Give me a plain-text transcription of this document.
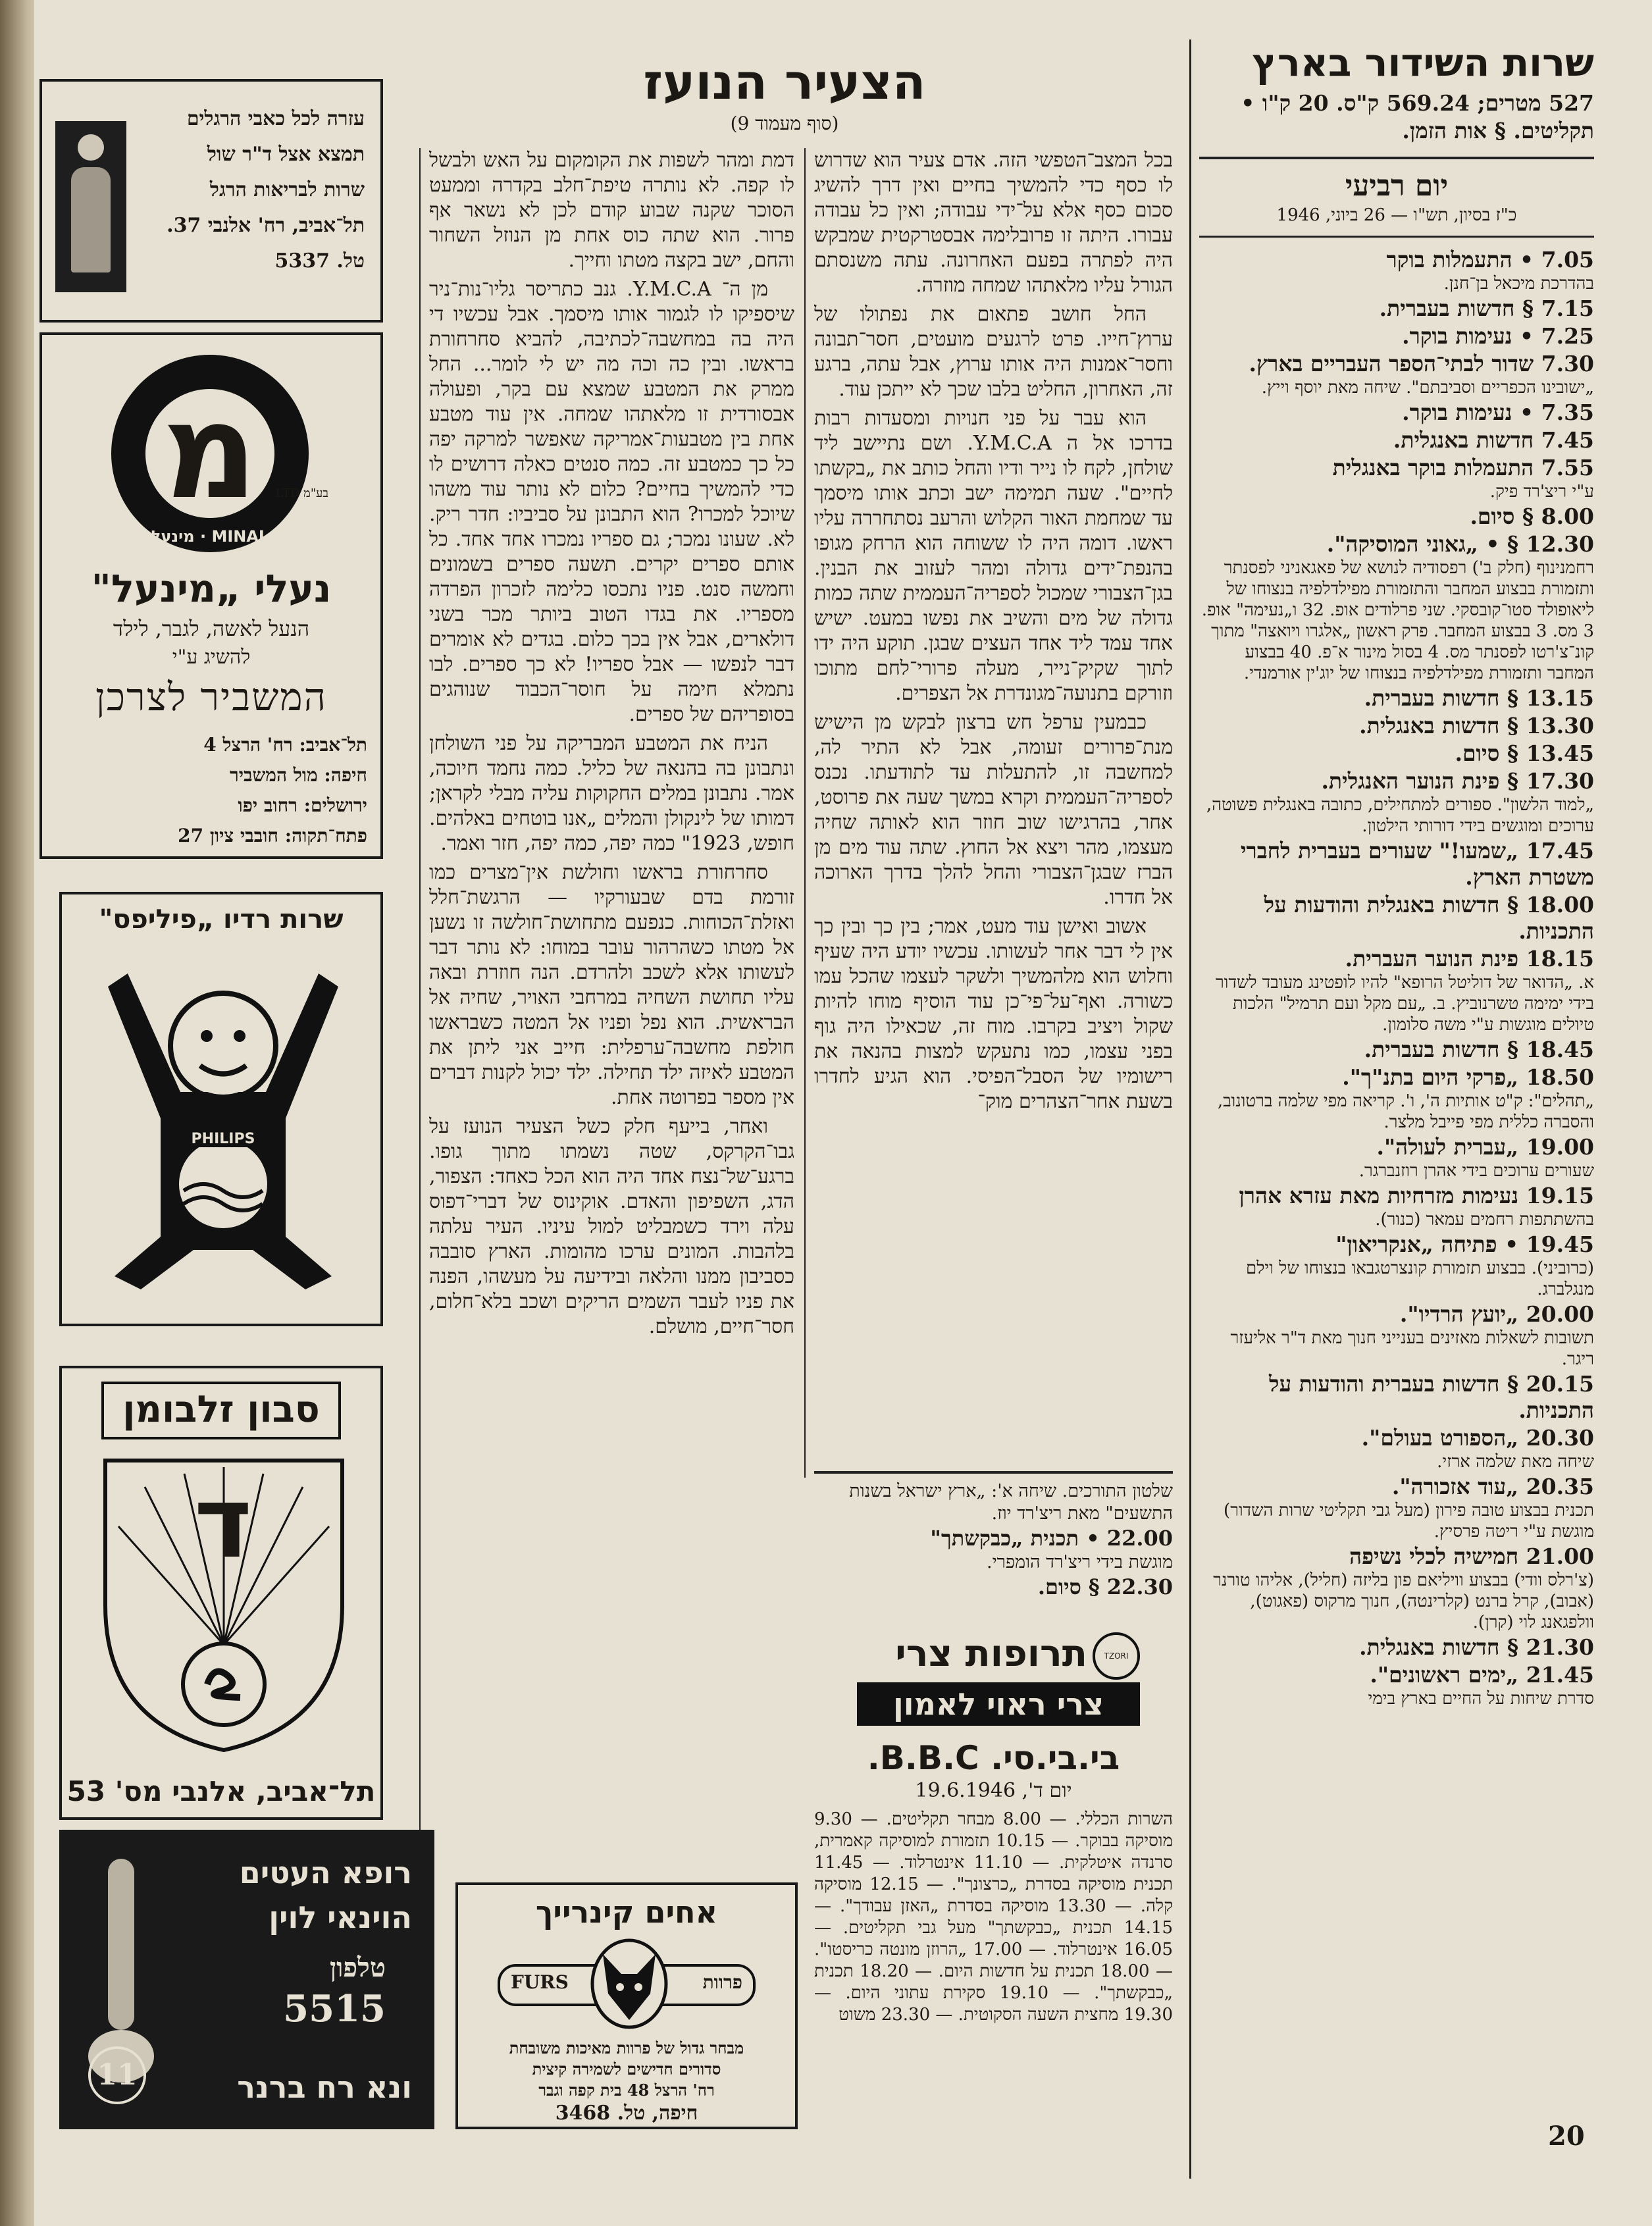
שרות השידור בארץ
527 מטרים; 569.24 ק"ס. 20 ק"ו • תקליטים. § אות הזמן.
יום רביעי
כ"ז בסיון, תש"ו — 26 ביוני, 1946
7.05 • התעמלות בוקר
בהדרכת מיכאל בן־חנן.
7.15 § חדשות בעברית.
7.25 • נעימות בוקר.
7.30 שדור לבתי־הספר העבריים בארץ.
„ישובינו הכפריים וסביבתם". שיחה מאת יוסף וייץ.
7.35 • נעימות בוקר.
7.45 חדשות באנגלית.
7.55 התעמלות בוקר באנגלית
ע"י ריצ'רד פיק.
8.00 § סיום.
12.30 § • „גאוני המוסיקה".
רחמנינוף (חלק ב') רפסודיה לנושא של פאגאניני לפסנתר ותזמורת בבצוע המחבר והתזמורת מפילדלפיה בנצוחו של ליאופולד סטו־קובסקי. שני פרלודים אופ. 32 ו„נעימה" אופ. 3 מס. 3 בבצוע המחבר. פרק ראשון „אלגרו ויואצה" מתוך קונ־צ'רטו לפסנתר מס. 4 בסול מינור א־פ. 40 בבצוע המחבר ותזמורת מפילדלפיה בנצוחו של יוג'ין אורמנדי.
13.15 § חדשות בעברית.
13.30 § חדשות באנגלית.
13.45 § סיום.
17.30 § פינת הנוער האנגלית.
„למוד הלשון". ספורים למתחילים, כתובה באנגלית פשוטה, ערוכים ומוגשים בידי דורותי הילטון.
17.45 „שמעו!" שעורים בעברית לחברי משטרת הארץ.
18.00 § חדשות באנגלית והודעות על התכניות.
18.15 פינת הנוער העברית.
א. „הדואר של דוליטל הרופא" להיו לופטינג מעובד לשדור בידי ימימה טשרנוביץ. ב. „עם מקל ועם תרמיל" הלכות טיולים מוגשות ע"י משה סלומון.
18.45 § חדשות בעברית.
18.50 „פרקי היום בתנ"ך".
„תהלים": ק"ט אותיות ה', ו'. קריאה מפי שלמה ברטונוב, והסברה כללית מפי פייבל מלצר.
19.00 „עברית לעולה".
שעורים ערוכים בידי אהרן רוזנברגר.
19.15 נעימות מזרחיות מאת עזרא אהרן
בהשתתפות רחמים עמאר (כנור).
19.45 • פתיחה „אנקריאון"
(כרוביני). בבצוע תזמורת קונצרטגבאו בנצוחו של וילם מנגלברג.
20.00 „יועץ הרדיו".
תשובות לשאלות מאזינים בענייני חנוך מאת ד"ר אליעזר ריגר.
20.15 § חדשות בעברית והודעות על התכניות.
20.30 „הספורט בעולם".
שיחה מאת שלמה ארזי.
20.35 „עוד אזכורה".
תכנית בבצוע טובה פירון (מעל גבי תקליטי שרות השדור) מוגשת ע"י ריטה פרסיץ.
21.00 חמישיה לכלי נשיפה
(צ'רלס וודי) בבצוע וויליאם פון בליזה (חליל), אליהו טורנר (אבוב), קרל ברנט (קלרינטה), חנוך מרקוס (פאגוט), וולפגאנג לוי (קרן).
21.30 § חדשות באנגלית.
21.45 „ימים ראשונים".
סדרת שיחות על החיים בארץ בימי
הצעיר הנועז
(סוף מעמוד 9)

בכל המצב־הטפשי הזה. אדם צעיר הוא שדרוש לו כסף כדי להמשיך בחיים ואין דרך להשיג סכום כסף אלא על־ידי עבודה; ואין כל עבודה עבורו. היתה זו פרובלימה אבסטרקטית שמבקש היה לפתרה בפעם האחרונה. עתה משנסתם הגורל עליו מלאתהו שמחה מוזרה.

החל חושב פתאום את נפתולו של ערוץ־חייו. פרט לרגעים מועטים, חסר־תבונה וחסר־אמנות היה אותו ערוץ, אבל עתה, ברגע זה, האחרון, החליט בלבו שכך לא ייתכן עוד.

הוא עבר על פני חנויות ומסעדות רבות בדרכו אל ה Y.M.C.A. ושם נתיישב ליד שולחן, לקח לו נייר ודיו והחל כותב את „בקשתו לחיים". שעה תמימה ישב וכתב אותו מיסמך עד שמחמת האור הקלוש והרעב נסתחררה עליו ראשו. דומה היה לו ששוחה הוא הרחק מגופו בהנפת־ידים גדולה ומהר לעזוב את הבנין. בגן־הצבורי שמכול לספריה־העממית שתה כמות גדולה של מים והשיב את נפשו במעט. ישיש אחד עמד ליד אחד העצים שבגן. תוקע היה ידו לתוך שקיק־נייר, מעלה פרורי־לחם מתוכו וזורקם בתנועה־מגונדרת אל הצפרים.

כבמעין ערפל חש ברצון לבקש מן הישיש מנת־פרורים זעומה, אבל לא התיר לה, למחשבה זו, להתעלות עד לתודעתו. נכנס לספריה־העממית וקרא במשך שעה את פרוסט, אחר, בהרגישו שוב חוזר הוא לאותה שחיה מעצמו, מהר ויצא אל החוץ. שתה עוד מים מן הברז שבגן־הצבורי והחל להלך בדרך הארוכה אל חדרו.

אשוב ואישן עוד מעט, אמר; בין כך ובין כך אין לי דבר אחר לעשותו. עכשיו יודע היה שעיף וחלוש הוא מלהמשיך ולשקר לעצמו שהכל עמו כשורה. ואף־על־פי־כן עוד הוסיף מוחו להיות שקול ויציב בקרבו. מוח זה, שכאילו היה גוף בפני עצמו, כמו נתעקש למצות בהנאה את רישומיו של הסבל־הפיסי. הוא הגיע לחדרו בשעת אחר־הצהרים מוק־

דמת ומהר לשפות את הקומקום על האש ולבשל לו קפה. לא נותרה טיפת־חלב בקדרה וממעט הסוכר שקנה שבוע קודם לכן לא נשאר אף פרור. הוא שתה כוס אחת מן הנוזל השחור והחם, ישב בקצה מטתו וחייך.

מן ה־ Y.M.C.A. גנב כתריסר גליו־נות־ניר שיספיקו לו לגמור אותו מיסמך. אבל עכשיו די היה בה במחשבה־לכתיבה, להביא סחרחורת בראשו. ובין כה וכה מה יש לי לומר... החל ממרק את המטבע שמצא עם בקר, ופעולה אבסורדית זו מלאתהו שמחה. אין עוד מטבע אחת בין מטבעות־אמריקה שאפשר למרקה יפה כל כך כמטבע זה. כמה סנטים כאלה דרושים לו כדי להמשיך בחיים? כלום לא נותר עוד משהו שיוכל למכרו? הוא התבונן על סביביו: חדר ריק. לא. שעונו נמכר; גם ספריו נמכרו אחד אחד. כל אותם ספרים יקרים. תשעה ספרים בשמונים וחמשה סנט. פניו נתכסו כלימה לזכרון הפרדה מספריו. את בגדו הטוב ביותר מכר בשני דולארים, אבל אין בכך כלום. בגדים לא אומרים דבר לנפשו — אבל ספריו! לא כך ספרים. לבו נתמלא חימה על חוסר־הכבוד שנוהגים בסופריהם של ספרים.

הניח את המטבע המבריקה על פני השולחן ונתבונן בה בהנאה של כליל. כמה נחמד חיוכה, אמר. נתבונן במלים החקוקות עליה מבלי לקראן; דמותו של לינקולן והמלים „אנו בוטחים באלהים. חופש, 1923" כמה יפה, כמה יפה, חזר ואמר.

סחרחורת בראשו וחולשת אין־מצרים כמו זורמת בדם שבעורקיו — הרגשת־חלל ואזלת־הכוחות. כנפעם מתחושת־חולשה זו נשען אל מטתו כשהרהור עובר במוחו: לא נותר דבר לעשותו אלא לשכב ולהרדם. הנה חוזרת ובאה עליו תחושת השחיה במרחבי האויר, שחיה אל הבראשית. הוא נפל ופניו אל המטה כשבראשו חולפת מחשבה־ערפלית: חייב אני ליתן את המטבע לאיזה ילד תחילה. ילד יכול לקנות דברים אין מספר בפרוטה אחת.

ואחר, בייעף חלק כשל הצעיר הנועז על גבו־הקרקס, שטה נשמתו מתוך גופו. ברגע־של־נצח אחד היה הוא הכל כאחד: הצפור, הדג, השפיפון והאדם. אוקינוס של דברי־דפוס עלה וירד כשמבליט למול עיניו. העיר עלתה בלהבות. המונים ערכו מהומות. הארץ סובבה כסביבון ממנו והלאה ובידיעה על מעשהו, הפנה את פניו לעבר השמים הריקים ושכב בלא־חלום, חסר־חיים, מושלם.

שלטון התורכים. שיחה א': „ארץ ישראל בשנות התשעים" מאת ריצ'רד יוז.
22.00 • תכנית „כבקשתך"
מוגשת בידי ריצ'רד הומפרי.
22.30 § סיום.
TZORI
תרופות צרי
צרי ראוי לאמון
בי.בי.סי. B.B.C.
יום ד', 19.6.1946
השרות הכללי. — 8.00 מבחר תקליטים. — 9.30 מוסיקה בבוקר. — 10.15 תזמורת למוסיקה קאמרית, סרנדה איטלקית. — 11.10 אינטרלוד. — 11.45 תכנית מוסיקה בסדרת „כרצונך". — 12.15 מוסיקה קלה. — 13.30 מוסיקה בסדרת „האזן עבודך". — 14.15 תכנית „כבקשתך" מעל גבי תקליטים. — 16.05 אינטרלוד. — 17.00 „הרוזן מונטה כריסטו". — 18.00 תכנית על חדשות היום. — 18.20 תכנית „כבקשתך". — 19.10 סקירת עתוני היום. — 19.30 מחצית השעה הסקוטית. — 23.30 משוט
עזרה לכל כאבי הרגלים
תמצא אצל ד"ר שול
שרות לבריאות הרגל
תל־אביב, רח' אלנבי 37.
טל. 5337
מ
MINAL · מינעל
בע"מ LTD
נעלי „מינעל"
הנעל לאשה, לגבר, לילד
להשיג ע"י
המשביר לצרכן
תל־אביב: רח' הרצל 4
חיפה: מול המשביר
ירושלים: רחוב יפו
פתח־תקוה: חובבי ציון 27
שרות רדיו „פיליפס"
PHILIPS
סבון זלבומן
ד
תל־אביב, אלנבי מס' 53
רופא העטים
הוינאי לוין
טלפון
5515
ונא רח ברנר
11
אחים קינרייך
FURS	פרוות
מבחר גדול של פרוות מאיכות משובחת
סדורים חדישים לשמירה קיצית
רח' הרצל 48 בית קפה וגבר
חיפה, טל. 3468
20
